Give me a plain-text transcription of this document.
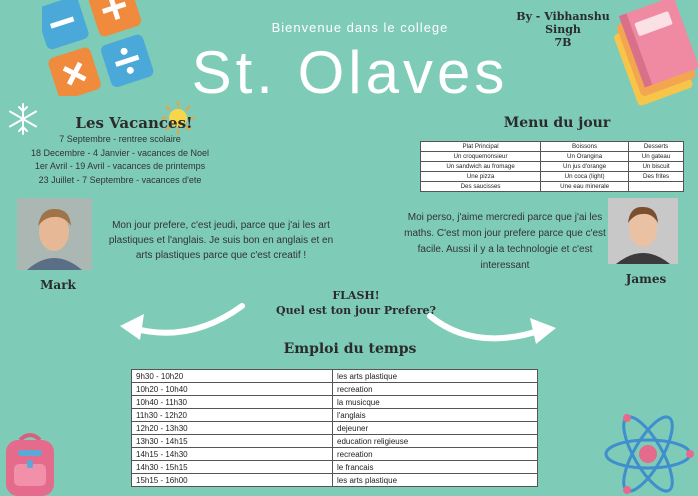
Bienvenue dans le college
St. Olaves
By - Vibhanshu Singh
7B
Les Vacances!
7 Septembre - rentree scolaire
18 Decembre - 4 Janvier - vacances de Noel
1er Avril - 19 Avril - vacances de printemps
23 Juillet - 7 Septembre - vacances d'ete
Menu du jour
Plat Principal	Boissons	Desserts
Un croquemonsieur	Un Orangina	Un gateau
Un sandwich au fromage	Un jus d'orange	Un biscuit
Une pizza	Un coca (light)	Des frites
Des saucisses	Une eau minerale	
Mark	James
Mon jour prefere, c'est jeudi, parce que j'ai les art plastiques et l'anglais. Je suis bon en anglais et en arts plastiques parce que c'est creatif !
Moi perso, j'aime mercredi parce que j'ai les maths. C'est mon jour prefere parce que c'est facile. Aussi il y a la technologie et c'est interessant
FLASH!
Quel est ton jour Prefere?
Emploi du temps
9h30 - 10h20	les arts plastique
10h20 - 10h40	recreation
10h40 - 11h30	la musicque
11h30 - 12h20	l'anglais
12h20 - 13h30	dejeuner
13h30 - 14h15	education religieuse
14h15 - 14h30	recreation
14h30 - 15h15	le francais
15h15 - 16h00	les arts plastique
